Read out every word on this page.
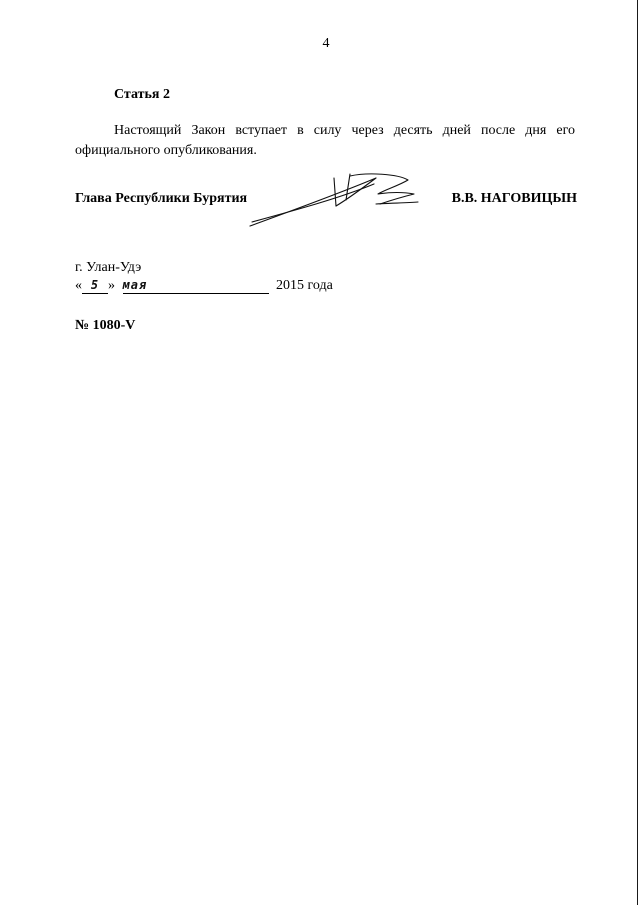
4
Статья 2
Настоящий Закон вступает в силу через десять дней после дня его официального опубликования.
Глава Республики Бурятия	В.В. НАГОВИЦЫН
г. Улан-Удэ
« 5 » мая	2015 года
№ 1080-V
